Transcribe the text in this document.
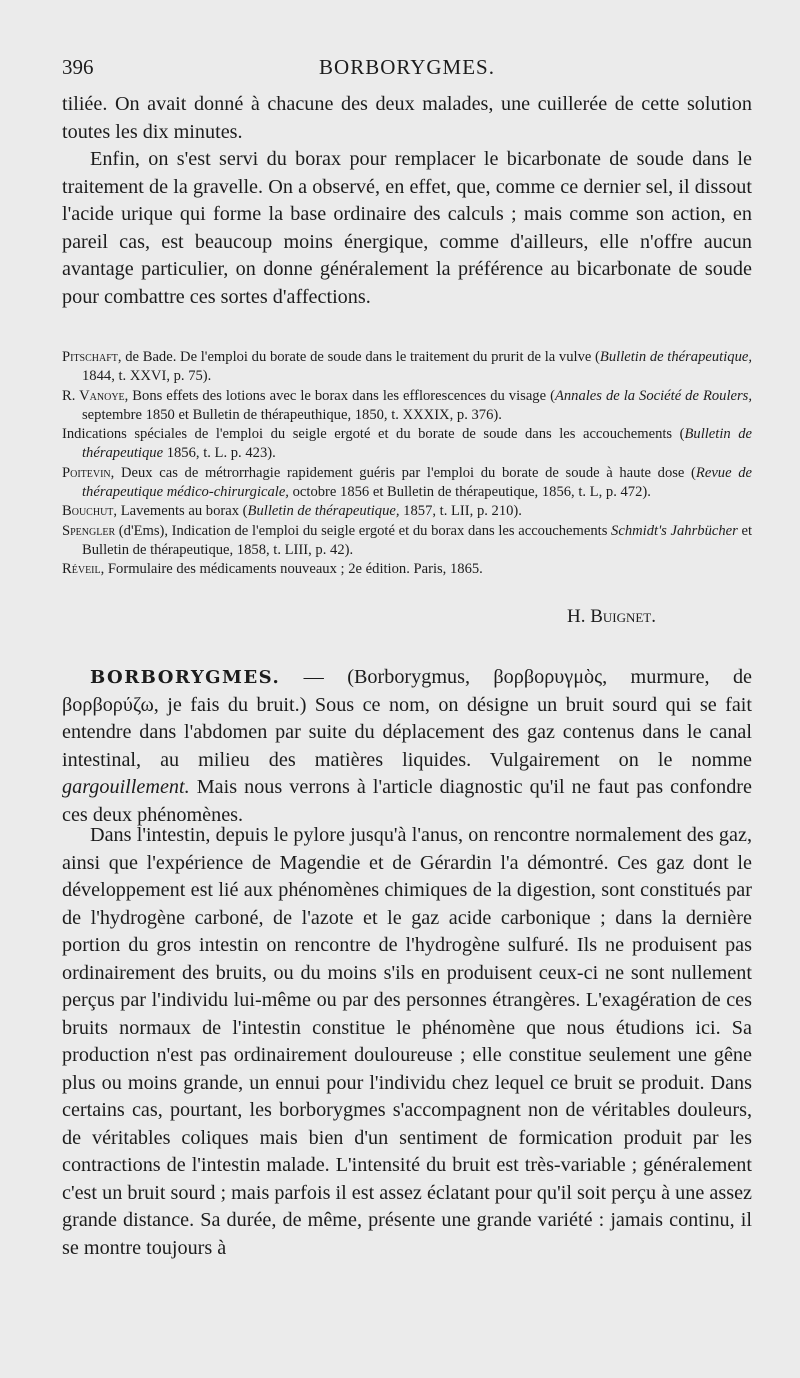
396	BORBORYGMES.

tiliée. On avait donné à chacune des deux malades, une cuillerée de cette solution toutes les dix minutes.

Enfin, on s'est servi du borax pour remplacer le bicarbonate de soude dans le traitement de la gravelle. On a observé, en effet, que, comme ce dernier sel, il dissout l'acide urique qui forme la base ordinaire des calculs ; mais comme son action, en pareil cas, est beaucoup moins énergique, comme d'ailleurs, elle n'offre aucun avantage particulier, on donne généralement la préférence au bicarbonate de soude pour combattre ces sortes d'affections.

Pitschaft, de Bade. De l'emploi du borate de soude dans le traitement du prurit de la vulve (Bulletin de thérapeutique, 1844, t. XXVI, p. 75).

R. Vanoye, Bons effets des lotions avec le borax dans les efflorescences du visage (Annales de la Société de Roulers, septembre 1850 et Bulletin de thérapeuthique, 1850, t. XXXIX, p. 376).

Indications spéciales de l'emploi du seigle ergoté et du borate de soude dans les accouchements (Bulletin de thérapeutique 1856, t. L. p. 423).

Poitevin, Deux cas de métrorrhagie rapidement guéris par l'emploi du borate de soude à haute dose (Revue de thérapeutique médico-chirurgicale, octobre 1856 et Bulletin de thérapeutique, 1856, t. L, p. 472).

Bouchut, Lavements au borax (Bulletin de thérapeutique, 1857, t. LII, p. 210).

Spengler (d'Ems), Indication de l'emploi du seigle ergoté et du borax dans les accouchements Schmidt's Jahrbücher et Bulletin de thérapeutique, 1858, t. LIII, p. 42).

Réveil, Formulaire des médicaments nouveaux ; 2e édition. Paris, 1865.

H. Buignet.

BORBORYGMES. — (Borborygmus, βορβορυγμὸς, murmure, de βορβορύζω, je fais du bruit.) Sous ce nom, on désigne un bruit sourd qui se fait entendre dans l'abdomen par suite du déplacement des gaz contenus dans le canal intestinal, au milieu des matières liquides. Vulgairement on le nomme gargouillement. Mais nous verrons à l'article diagnostic qu'il ne faut pas confondre ces deux phénomènes.

Dans l'intestin, depuis le pylore jusqu'à l'anus, on rencontre normalement des gaz, ainsi que l'expérience de Magendie et de Gérardin l'a démontré. Ces gaz dont le développement est lié aux phénomènes chimiques de la digestion, sont constitués par de l'hydrogène carboné, de l'azote et le gaz acide carbonique ; dans la dernière portion du gros intestin on rencontre de l'hydrogène sulfuré. Ils ne produisent pas ordinairement des bruits, ou du moins s'ils en produisent ceux-ci ne sont nullement perçus par l'individu lui-même ou par des personnes étrangères. L'exagération de ces bruits normaux de l'intestin constitue le phénomène que nous étudions ici. Sa production n'est pas ordinairement douloureuse ; elle constitue seulement une gêne plus ou moins grande, un ennui pour l'individu chez lequel ce bruit se produit. Dans certains cas, pourtant, les borborygmes s'accompagnent non de véritables douleurs, de véritables coliques mais bien d'un sentiment de formication produit par les contractions de l'intestin malade. L'intensité du bruit est très-variable ; généralement c'est un bruit sourd ; mais parfois il est assez éclatant pour qu'il soit perçu à une assez grande distance. Sa durée, de même, présente une grande variété : jamais continu, il se montre toujours à
